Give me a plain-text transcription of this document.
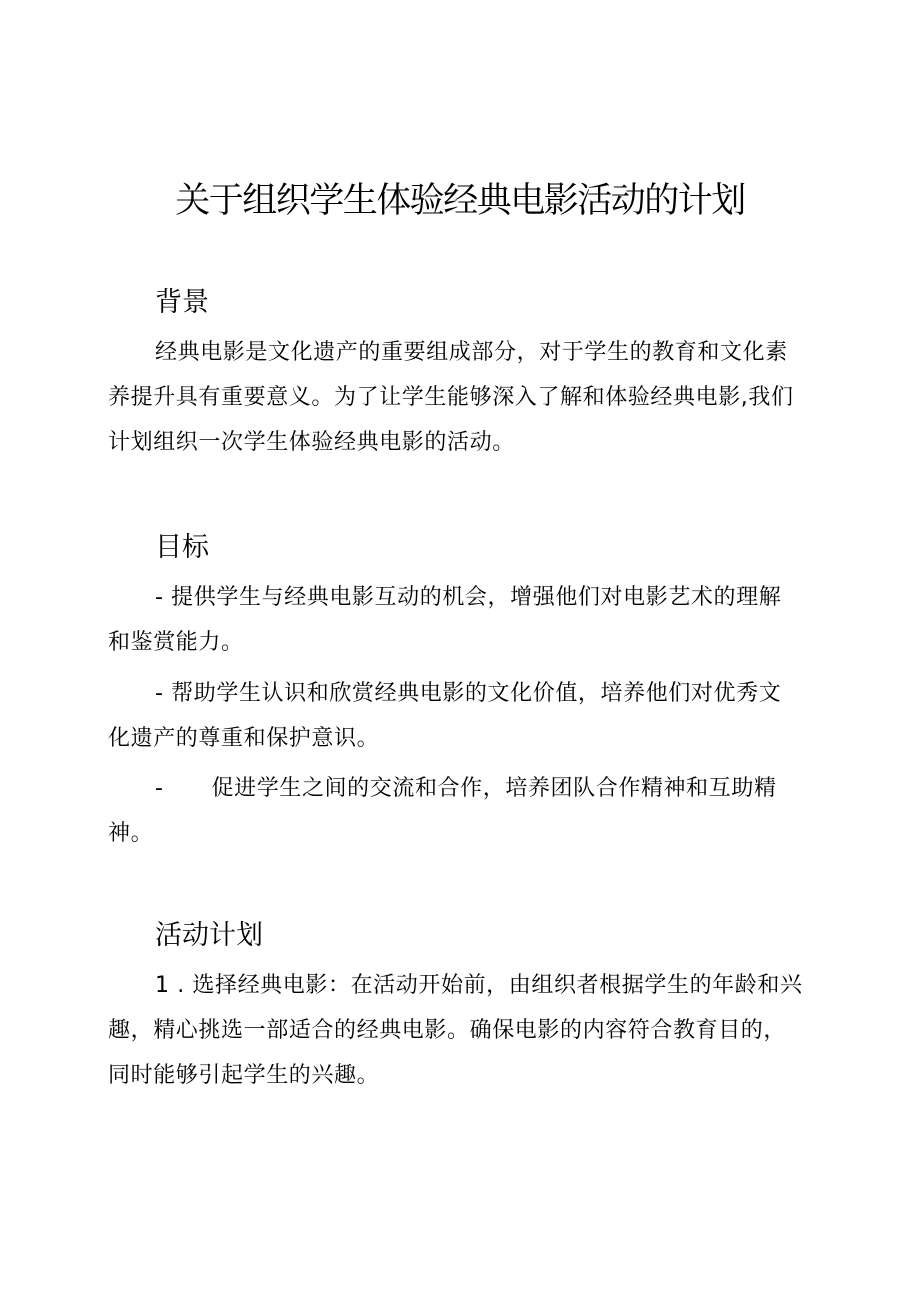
关于组织学生体验经典电影活动的计划
背景

经典电影是文化遗产的重要组成部分，对于学生的教育和文化素
养提升具有重要意义。为了让学生能够深入了解和体验经典电影,我们
计划组织一次学生体验经典电影的活动。

目标

- 提供学生与经典电影互动的机会，增强他们对电影艺术的理解
和鉴赏能力。

- 帮助学生认识和欣赏经典电影的文化价值，培养他们对优秀文
化遗产的尊重和保护意识。

- 促进学生之间的交流和合作，培养团队合作精神和互助精
神。

活动计划

1 . 选择经典电影：在活动开始前，由组织者根据学生的年龄和兴
趣，精心挑选一部适合的经典电影。确保电影的内容符合教育目的，
同时能够引起学生的兴趣。
